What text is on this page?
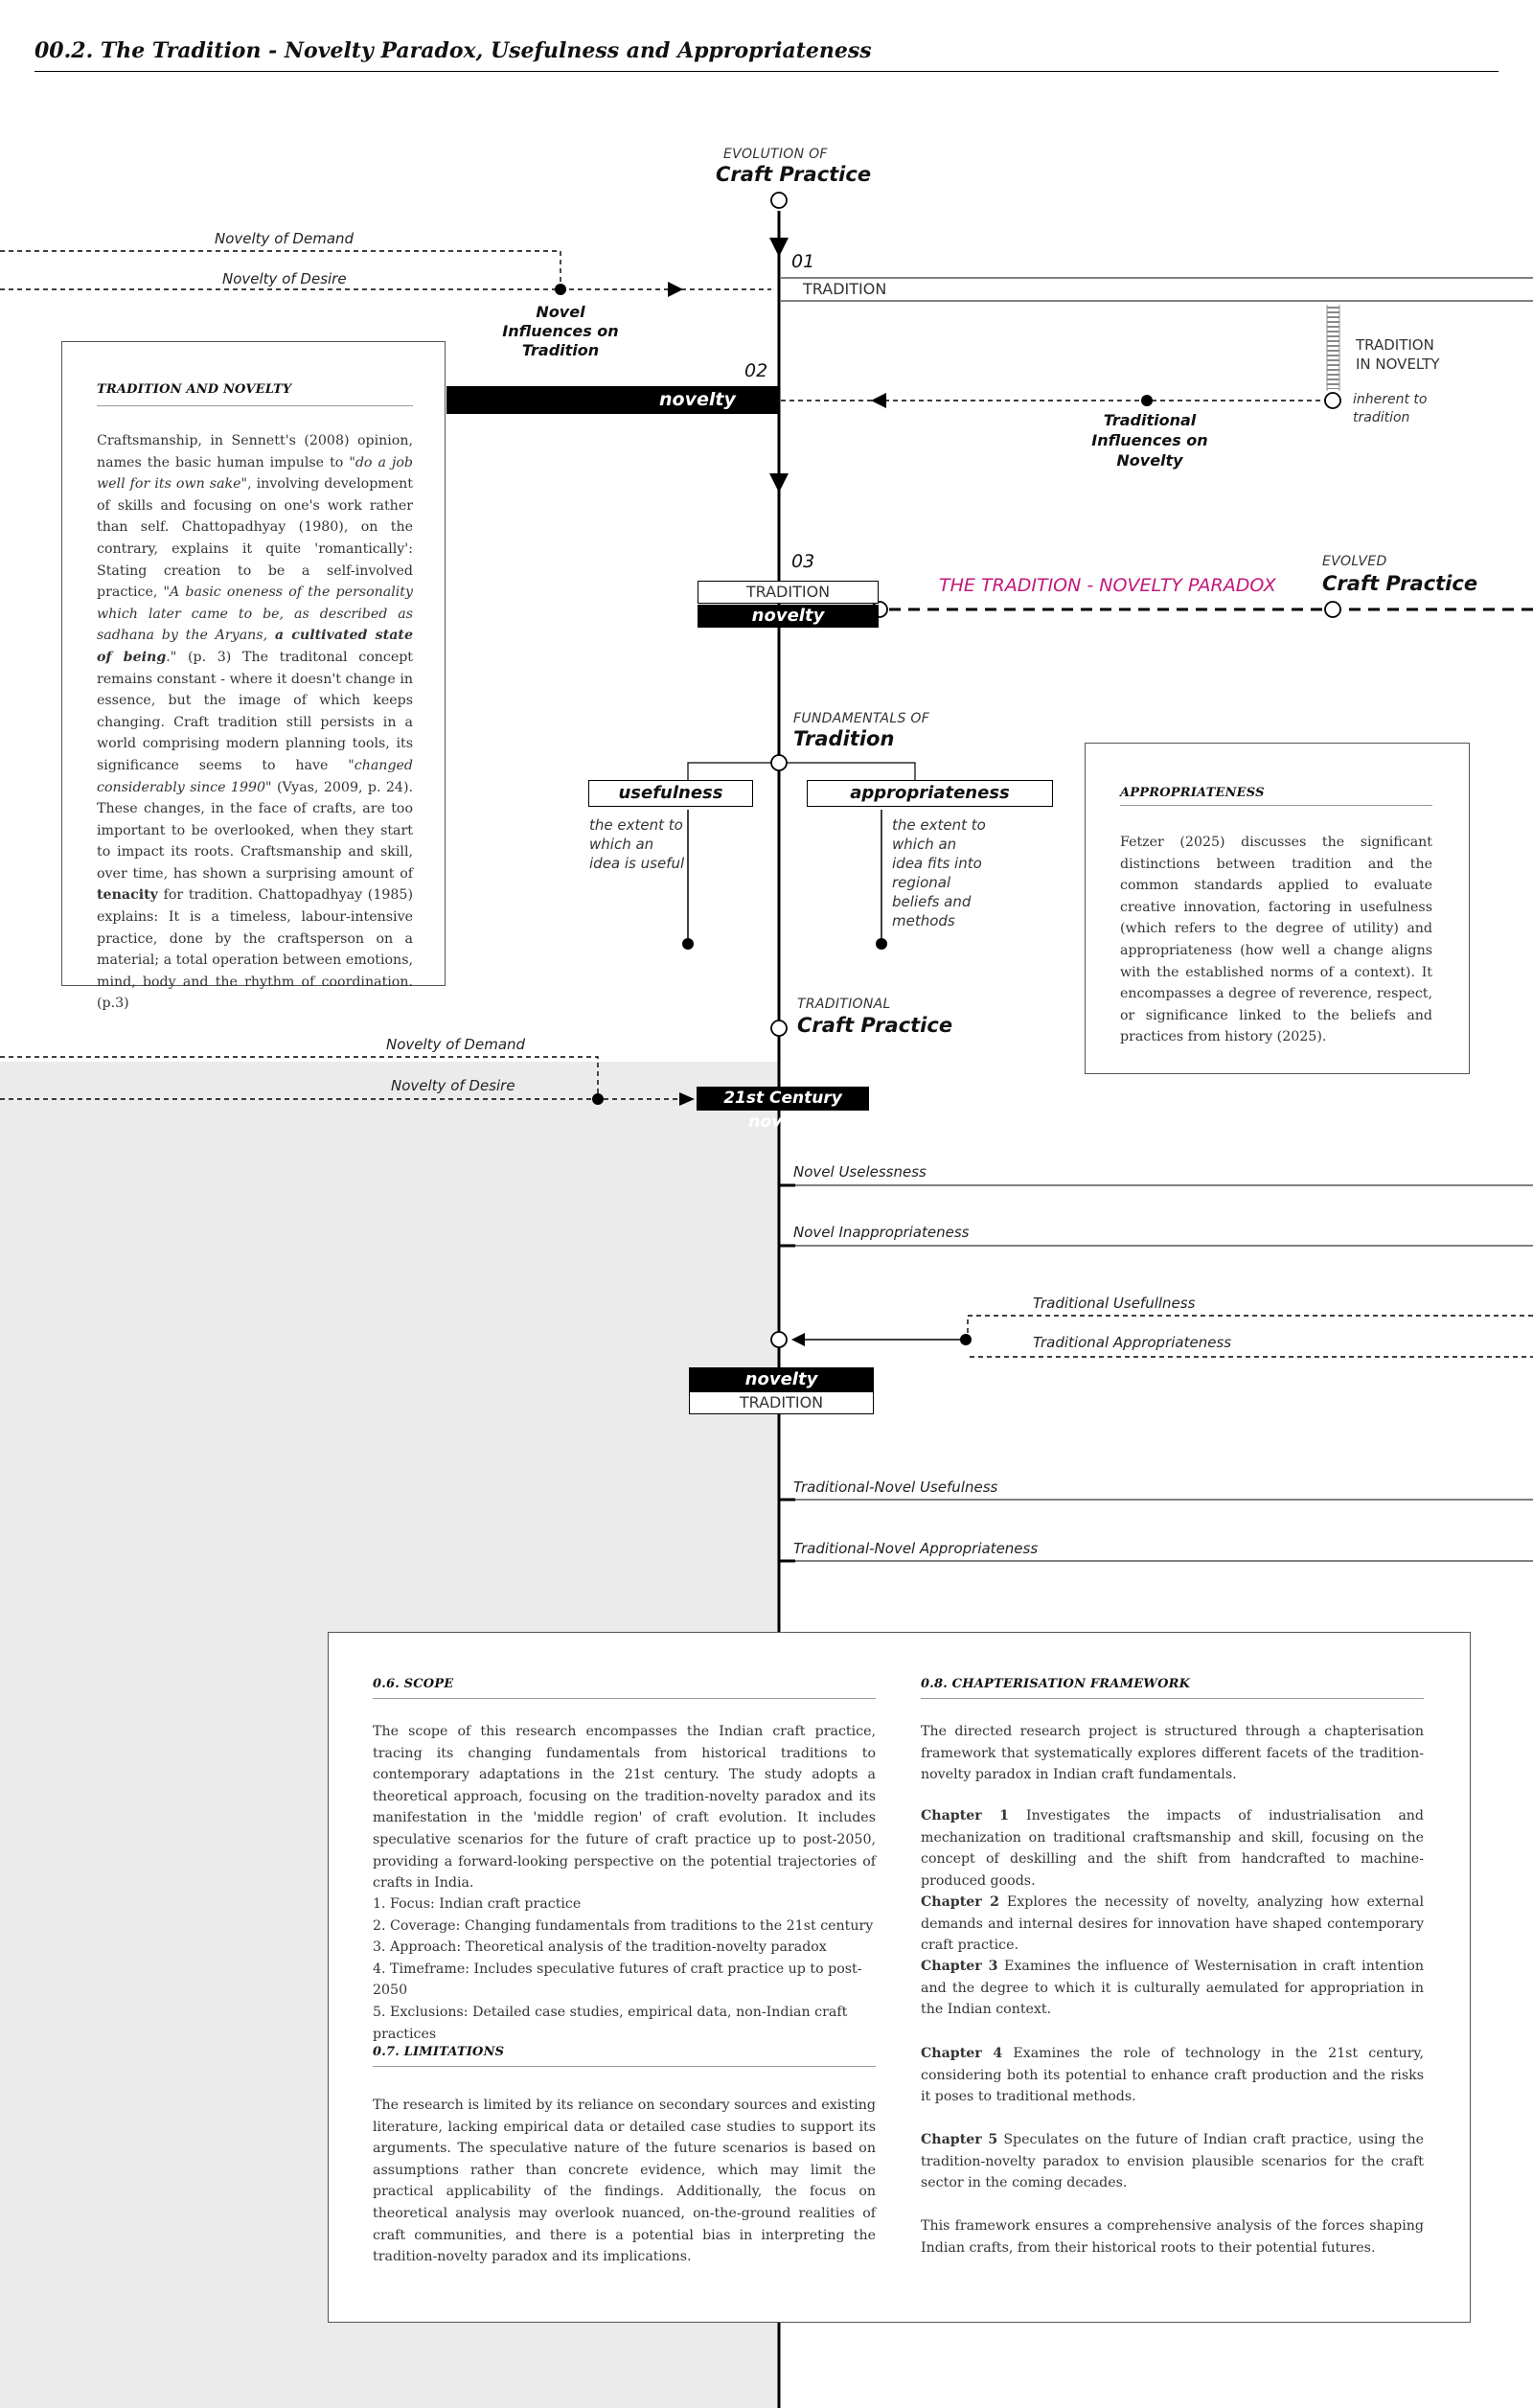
00.2. The Tradition - Novelty Paradox, Usefulness and Appropriateness
EVOLUTION OF
Craft Practice
Novelty of Demand
Novelty of Desire
Novel Influences on Tradition
01
TRADITION
TRADITION AND NOVELTY
Craftsmanship, in Sennett's (2008) opinion, names the basic human impulse to "do a job well for its own sake", involving development of skills and focusing on one's work rather than self. Chattopadhyay (1980), on the contrary, explains it quite 'romantically': Stating creation to be a self-involved practice, "A basic oneness of the personality which later came to be, as described as sadhana by the Aryans, a cultivated state of being." (p. 3) The traditonal concept remains constant - where it doesn't change in essence, but the image of which keeps changing. Craft tradition still persists in a world comprising modern planning tools, its significance seems to have "changed considerably since 1990" (Vyas, 2009, p. 24). These changes, in the face of crafts, are too important to be overlooked, when they start to impact its roots. Craftsmanship and skill, over time, has shown a surprising amount of tenacity for tradition. Chattopadhyay (1985) explains: It is a timeless, labour-intensive practice, done by the craftsperson on a material; a total operation between emotions, mind, body and the rhythm of coordination. (p.3)
02
novelty
TRADITION IN NOVELTY
inherent to tradition
Traditional Influences on Novelty
03
TRADITION
novelty
THE TRADITION - NOVELTY PARADOX
EVOLVED
Craft Practice
FUNDAMENTALS OF
Tradition
usefulness	appropriateness
the extent to which an idea is useful
the extent to which an idea fits into regional beliefs and methods
APPROPRIATENESS
Fetzer (2025) discusses the significant distinctions between tradition and the common standards applied to evaluate creative innovation, factoring in usefulness (which refers to the degree of utility) and appropriateness (how well a change aligns with the established norms of a context). It encompasses a degree of reverence, respect, or significance linked to the beliefs and practices from history (2025).
TRADITIONAL
Craft Practice
Novelty of Demand
Novelty of Desire
21st Century novelty
Novel Uselessness
Novel Inappropriateness
Traditional Usefullness
Traditional Appropriateness
novelty
TRADITION
Traditional-Novel Usefulness
Traditional-Novel Appropriateness
0.6. SCOPE
The scope of this research encompasses the Indian craft practice, tracing its changing fundamentals from historical traditions to contemporary adaptations in the 21st century. The study adopts a theoretical approach, focusing on the tradition-novelty paradox and its manifestation in the 'middle region' of craft evolution. It includes speculative scenarios for the future of craft practice up to post-2050, providing a forward-looking perspective on the potential trajectories of crafts in India.
1. Focus: Indian craft practice
2. Coverage: Changing fundamentals from traditions to the 21st century
3. Approach: Theoretical analysis of the tradition-novelty paradox
4. Timeframe: Includes speculative futures of craft practice up to post-2050
5. Exclusions: Detailed case studies, empirical data, non-Indian craft practices
0.7. LIMITATIONS
The research is limited by its reliance on secondary sources and existing literature, lacking empirical data or detailed case studies to support its arguments. The speculative nature of the future scenarios is based on assumptions rather than concrete evidence, which may limit the practical applicability of the findings. Additionally, the focus on theoretical analysis may overlook nuanced, on-the-ground realities of craft communities, and there is a potential bias in interpreting the tradition-novelty paradox and its implications.
0.8. CHAPTERISATION FRAMEWORK
The directed research project is structured through a chapterisation framework that systematically explores different facets of the tradition-novelty paradox in Indian craft fundamentals.
Chapter 1 Investigates the impacts of industrialisation and mechanization on traditional craftsmanship and skill, focusing on the concept of deskilling and the shift from handcrafted to machine-produced goods.
Chapter 2 Explores the necessity of novelty, analyzing how external demands and internal desires for innovation have shaped contemporary craft practice.
Chapter 3 Examines the influence of Westernisation in craft intention and the degree to which it is culturally aemulated for appropriation in the Indian context.
Chapter 4 Examines the role of technology in the 21st century, considering both its potential to enhance craft production and the risks it poses to traditional methods.
Chapter 5 Speculates on the future of Indian craft practice, using the tradition-novelty paradox to envision plausible scenarios for the craft sector in the coming decades.
This framework ensures a comprehensive analysis of the forces shaping Indian crafts, from their historical roots to their potential futures.
